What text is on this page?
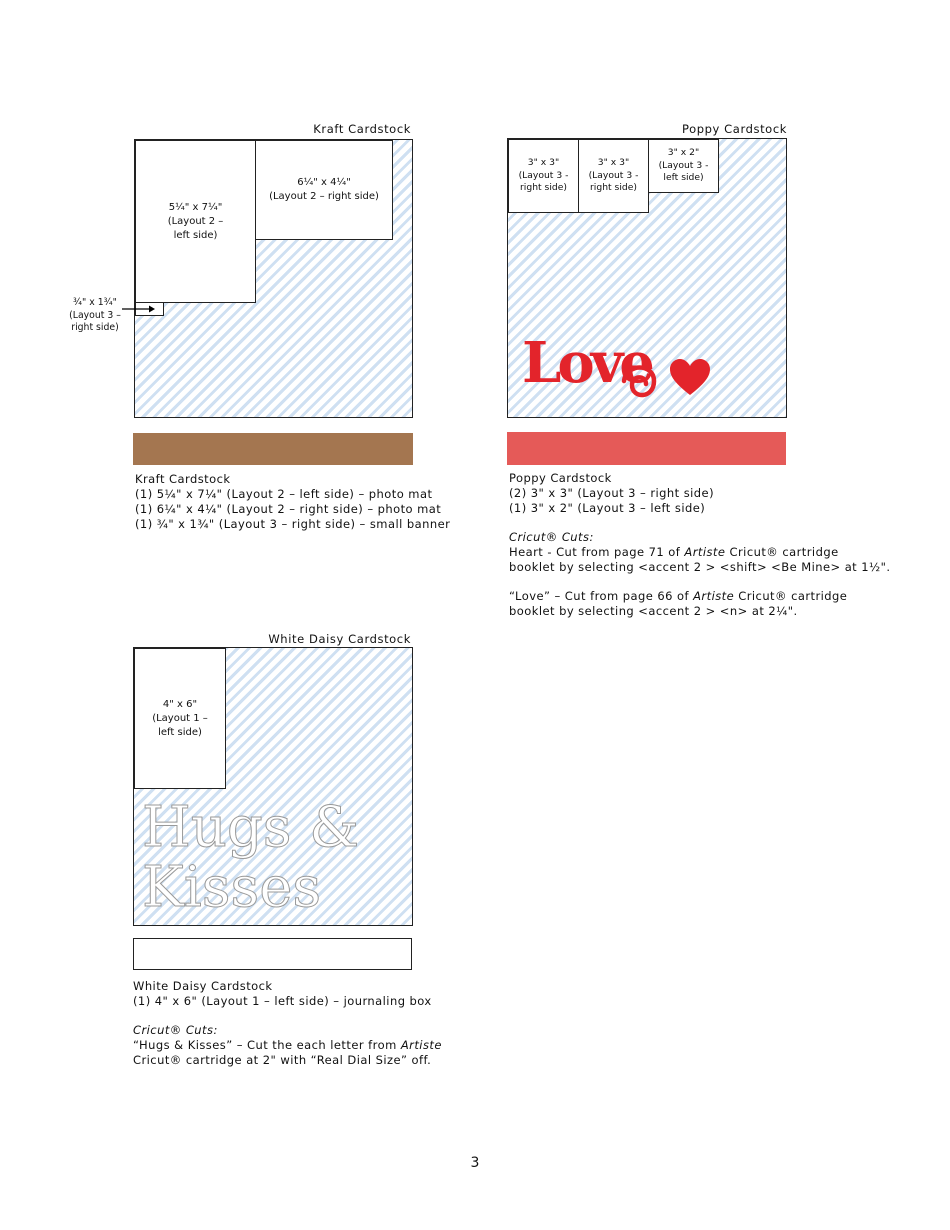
Kraft Cardstock
5¼" x 7¼"
(Layout 2 –
left side)
6¼" x 4¼"
(Layout 2 – right side)
¾" x 1¾"
(Layout 3 –
right side)
Kraft Cardstock
(1) 5¼" x 7¼" (Layout 2 – left side) – photo mat
(1) 6¼" x 4¼" (Layout 2 – right side) – photo mat
(1) ¾" x 1¾" (Layout 3 – right side) – small banner
Poppy Cardstock
3" x 3"
(Layout 3 -
right side)
3" x 3"
(Layout 3 -
right side)
3" x 2"
(Layout 3 -
left side)
Love
Poppy Cardstock
(2) 3" x 3" (Layout 3 – right side)
(1) 3" x 2" (Layout 3 – left side)
Cricut® Cuts:
Heart - Cut from page 71 of Artiste Cricut® cartridge
booklet by selecting <accent 2 > <shift> <Be Mine> at 1½".
“Love” – Cut from page 66 of Artiste Cricut® cartridge
booklet by selecting <accent 2 > <n> at 2¼".
White Daisy Cardstock
4" x 6"
(Layout 1 –
left side)
Hugs &
Kisses
White Daisy Cardstock
(1) 4" x 6" (Layout 1 – left side) – journaling box
Cricut® Cuts:
“Hugs & Kisses” – Cut the each letter from Artiste
Cricut® cartridge at 2" with “Real Dial Size” off.
3
